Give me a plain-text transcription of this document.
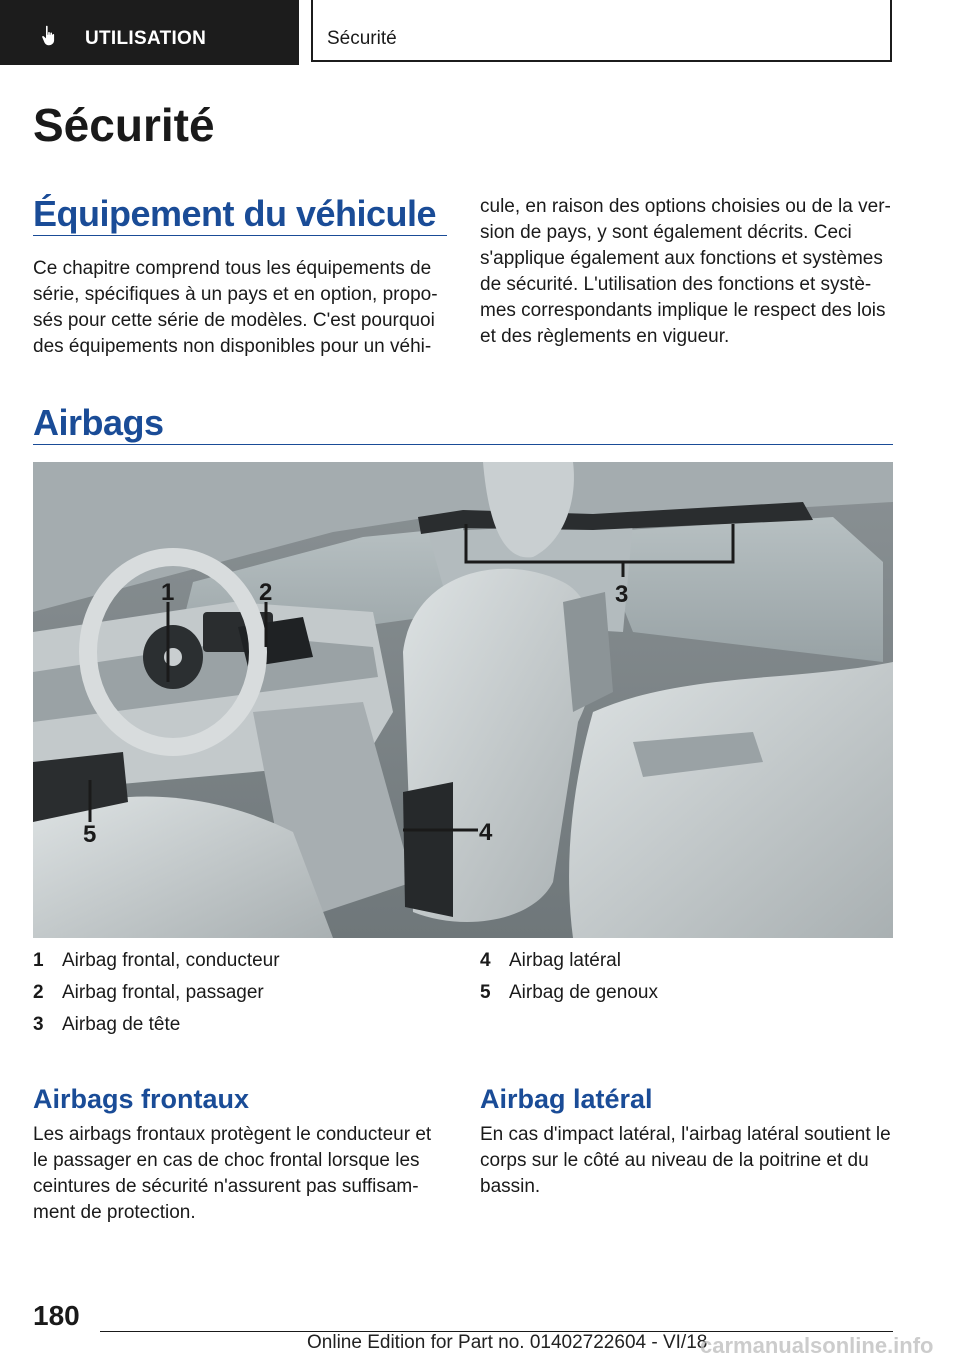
UTILISATION	Sécurité
Sécurité
Équipement du véhicule

Ce chapitre comprend tous les équipements de

série, spécifiques à un pays et en option, propo‐

sés pour cette série de modèles. C'est pourquoi

des équipements non disponibles pour un véhi‐

cule, en raison des options choisies ou de la ver‐

sion de pays, y sont également décrits. Ceci

s'applique également aux fonctions et systèmes

de sécurité. L'utilisation des fonctions et systè‐

mes correspondants implique le respect des lois

et des règlements en vigueur.

Airbags
1	2	3
4
5
1 Airbag frontal, conducteur
2 Airbag frontal, passager
3 Airbag de tête
4 Airbag latéral
5 Airbag de genoux
Airbags frontaux

Les airbags frontaux protègent le conducteur et

le passager en cas de choc frontal lorsque les

ceintures de sécurité n'assurent pas suffisam‐

ment de protection.

Airbag latéral

En cas d'impact latéral, l'airbag latéral soutient le

corps sur le côté au niveau de la poitrine et du

bassin.

180
Online Edition for Part no. 01402722604 - VI/18
carmanualsonline.info
